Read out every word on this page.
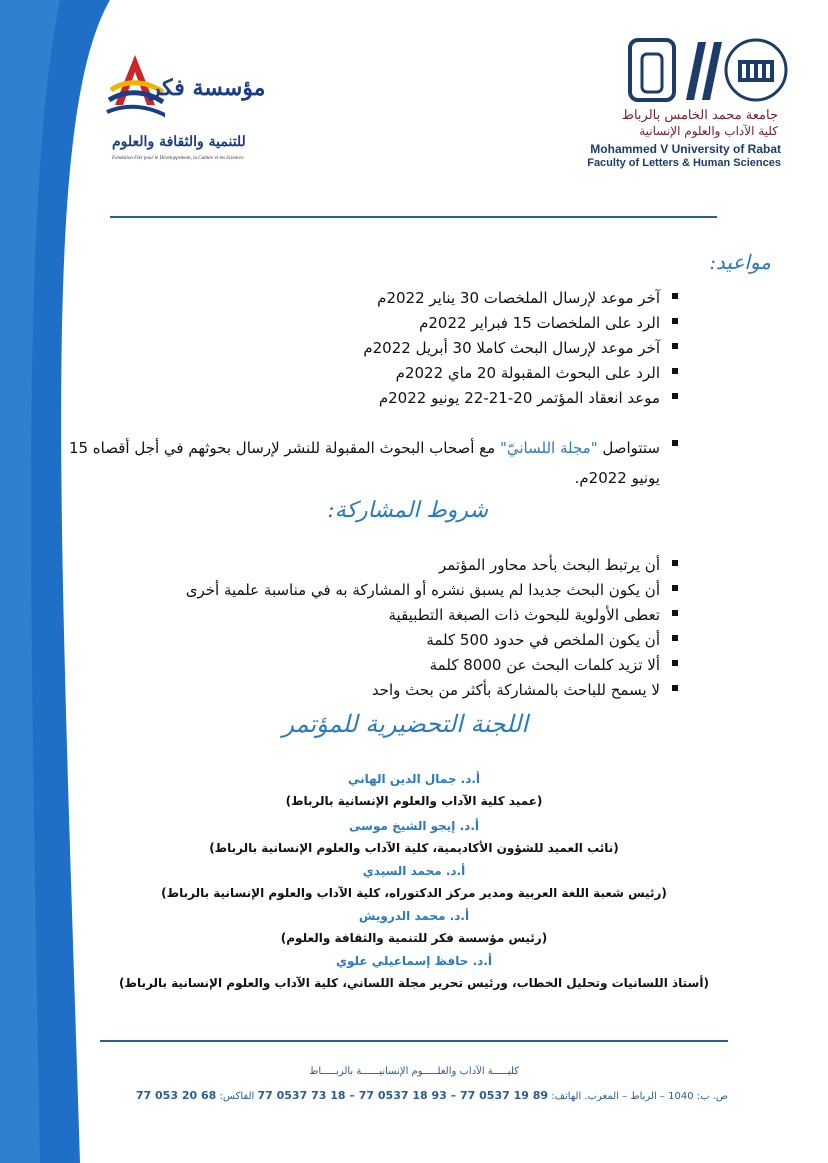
جامعة محمد الخامس بالرباط
كلية الآداب والعلوم الإنسانية
Mohammed V University of Rabat
Faculty of Letters & Human Sciences
مؤسسة فكر
للتنمية والثقافة والعلوم
Fondation Fikr pour le Développement, la Culture et les Sciences
مواعيد:
آخر موعد لإرسال الملخصات 30 يناير 2022م
الرد على الملخصات 15 فبراير 2022م
آخر موعد لإرسال البحث كاملا 30 أبريل 2022م
الرد على البحوث المقبولة 20 ماي 2022م
موعد انعقاد المؤتمر 20-21-22 يونيو 2022م
ستتواصل "مجلة اللسانيّ" مع أصحاب البحوث المقبولة للنشر لإرسال بحوثهم في أجل أقصاه 15 يونيو 2022م.
شروط المشاركة:
أن يرتبط البحث بأحد محاور المؤتمر
أن يكون البحث جديدا لم يسبق نشره أو المشاركة به في مناسبة علمية أخرى
تعطى الأولوية للبحوث ذات الصبغة التطبيقية
أن يكون الملخص في حدود 500 كلمة
ألا تزيد كلمات البحث عن 8000 كلمة
لا يسمح للباحث بالمشاركة بأكثر من بحث واحد
اللجنة التحضيرية للمؤتمر
أ.د. جمال الدين الهاني
(عميد كلية الآداب والعلوم الإنسانية بالرباط)
أ.د. إيجو الشيخ موسى
(نائب العميد للشؤون الأكاديمية، كلية الآداب والعلوم الإنسانية بالرباط)
أ.د. محمد السيدي
(رئيس شعبة اللغة العربية ومدير مركز الدكتوراه، كلية الآداب والعلوم الإنسانية بالرباط)
أ.د. محمد الدرويش
(رئيس مؤسسة فكر للتنمية والثقافة والعلوم)
أ.د. حافظ إسماعيلي علوي
(أستاذ اللسانيات وتحليل الخطاب، ورئيس تحرير مجلة اللساني، كلية الآداب والعلوم الإنسانية بالرباط)
كليـــــة الآداب والعلـــــوم الإنسانيــــــة بالربـــــاط
ص. ب: 1040 – الرباط – المغرب. الهاتف: 89 19 0537 77 – 93 18 0537 77 – 18 73 0537 77 الفاكس: 68 20 053 77
